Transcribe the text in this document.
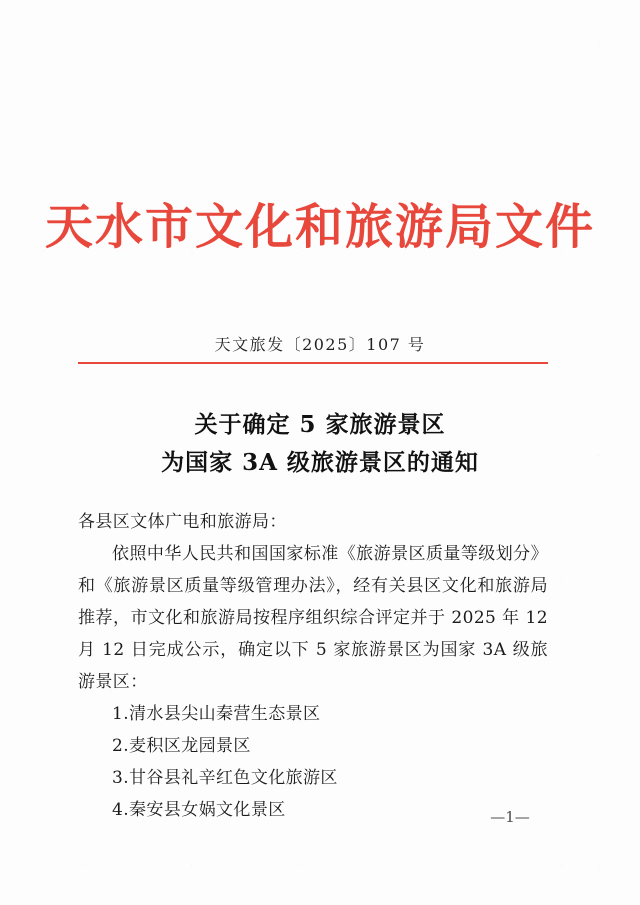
天水市文化和旅游局文件
天文旅发〔2025〕107 号
关于确定 5 家旅游景区
为国家 3A 级旅游景区的通知

各县区文体广电和旅游局：

依照中华人民共和国国家标准《旅游景区质量等级划分》和《旅游景区质量等级管理办法》，经有关县区文化和旅游局推荐，市文化和旅游局按程序组织综合评定并于 2025 年 12 月 12 日完成公示，确定以下 5 家旅游景区为国家 3A 级旅游景区：

1.清水县尖山秦营生态景区
2.麦积区龙园景区
3.甘谷县礼辛红色文化旅游区
4.秦安县女娲文化景区	—1—
